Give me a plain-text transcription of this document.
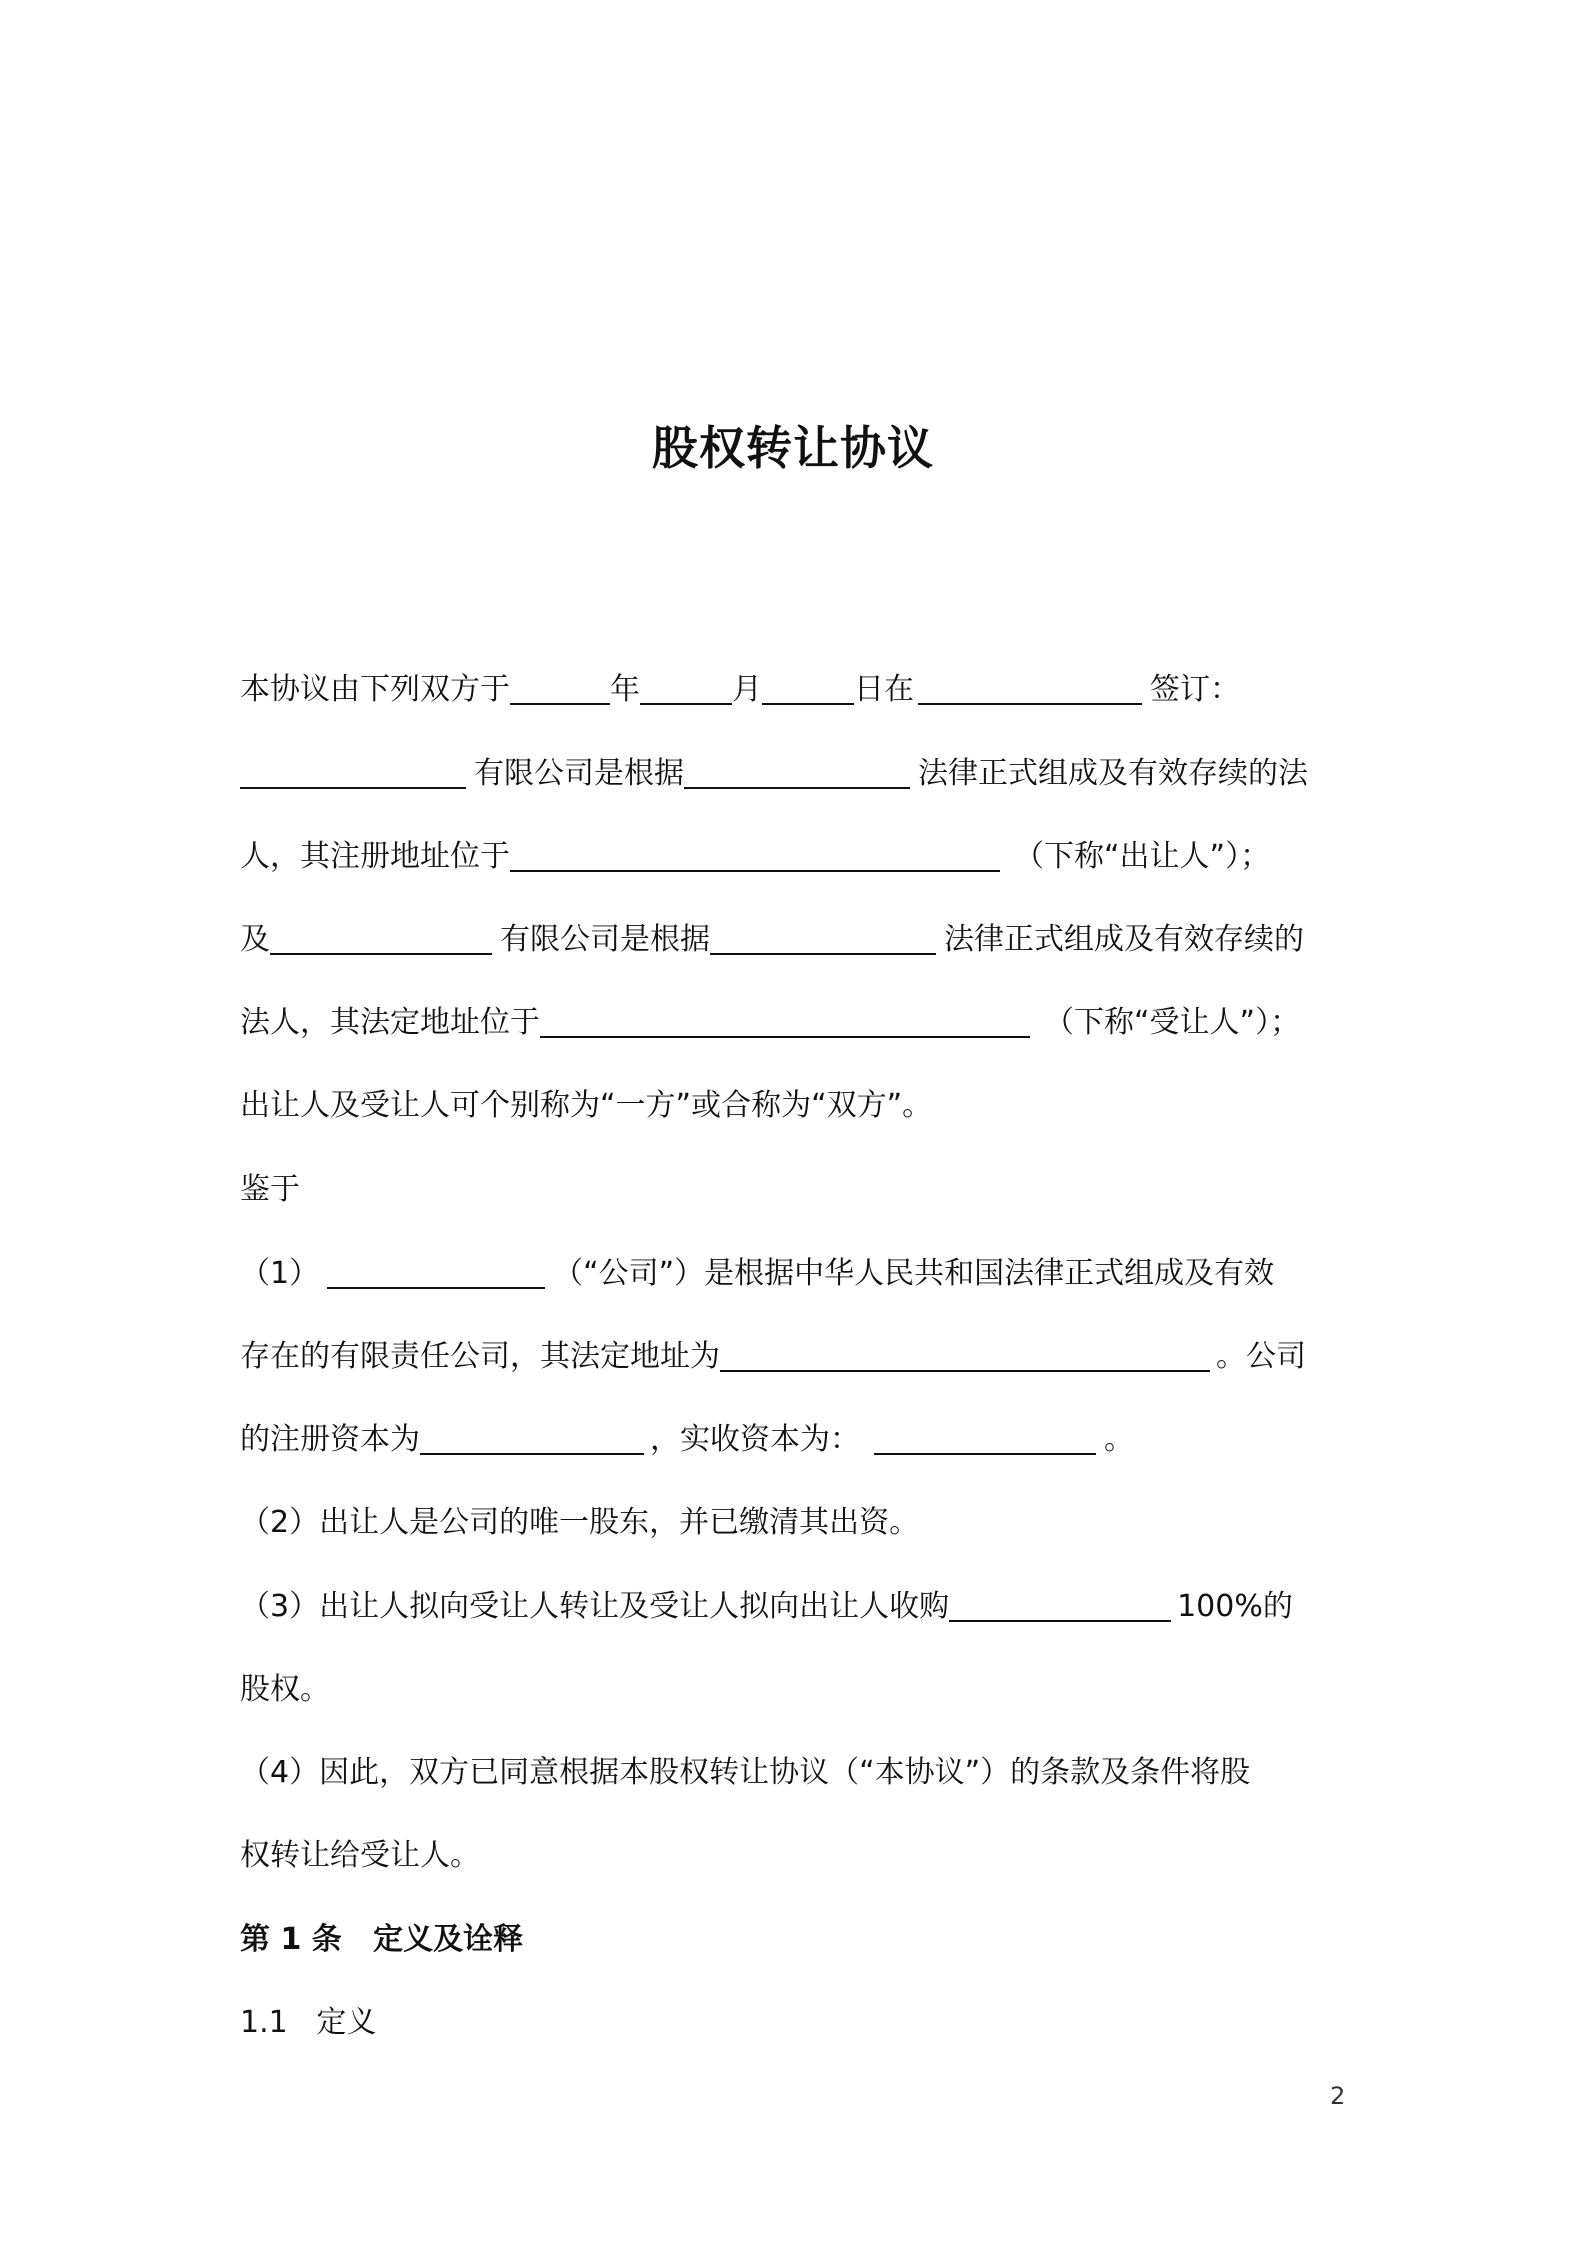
股权转让协议
本协议由下列双方于	年	月	日在	签订：
有限公司是根据	法律正式组成及有效存续的法
人，其注册地址位于	（下称“出让人”）；
及	有限公司是根据	法律正式组成及有效存续的
法人，其法定地址位于	（下称“受让人”）；
出让人及受让人可个别称为“一方”或合称为“双方”。
鉴于
（1）	（“公司”）是根据中华人民共和国法律正式组成及有效
存在的有限责任公司，其法定地址为	。公司
的注册资本为	，实收资本为：	。
（2）出让人是公司的唯一股东，并已缴清其出资。
（3）出让人拟向受让人转让及受让人拟向出让人收购	100%的
股权。
（4）因此，双方已同意根据本股权转让协议（“本协议”）的条款及条件将股
权转让给受让人。
第 1 条   定义及诠释
1.1   定义
2
